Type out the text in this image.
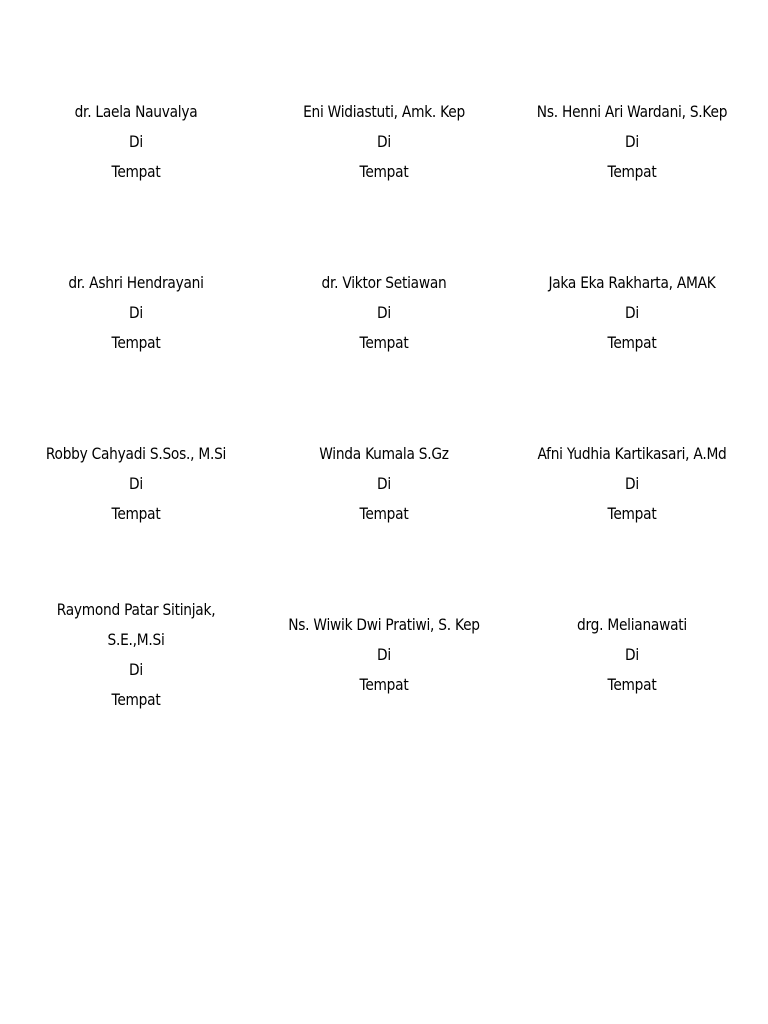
dr. Laela Nauvalya
Di
Tempat
Eni Widiastuti, Amk. Kep
Di
Tempat
Ns. Henni Ari Wardani, S.Kep
Di
Tempat
dr. Ashri Hendrayani
Di
Tempat
dr. Viktor Setiawan
Di
Tempat
Jaka Eka Rakharta, AMAK
Di
Tempat
Robby Cahyadi S.Sos., M.Si
Di
Tempat
Winda Kumala S.Gz
Di
Tempat
Afni Yudhia Kartikasari, A.Md
Di
Tempat
Raymond Patar Sitinjak,
S.E.,M.Si
Di
Tempat
Ns. Wiwik Dwi Pratiwi, S. Kep
Di
Tempat
drg. Melianawati
Di
Tempat
